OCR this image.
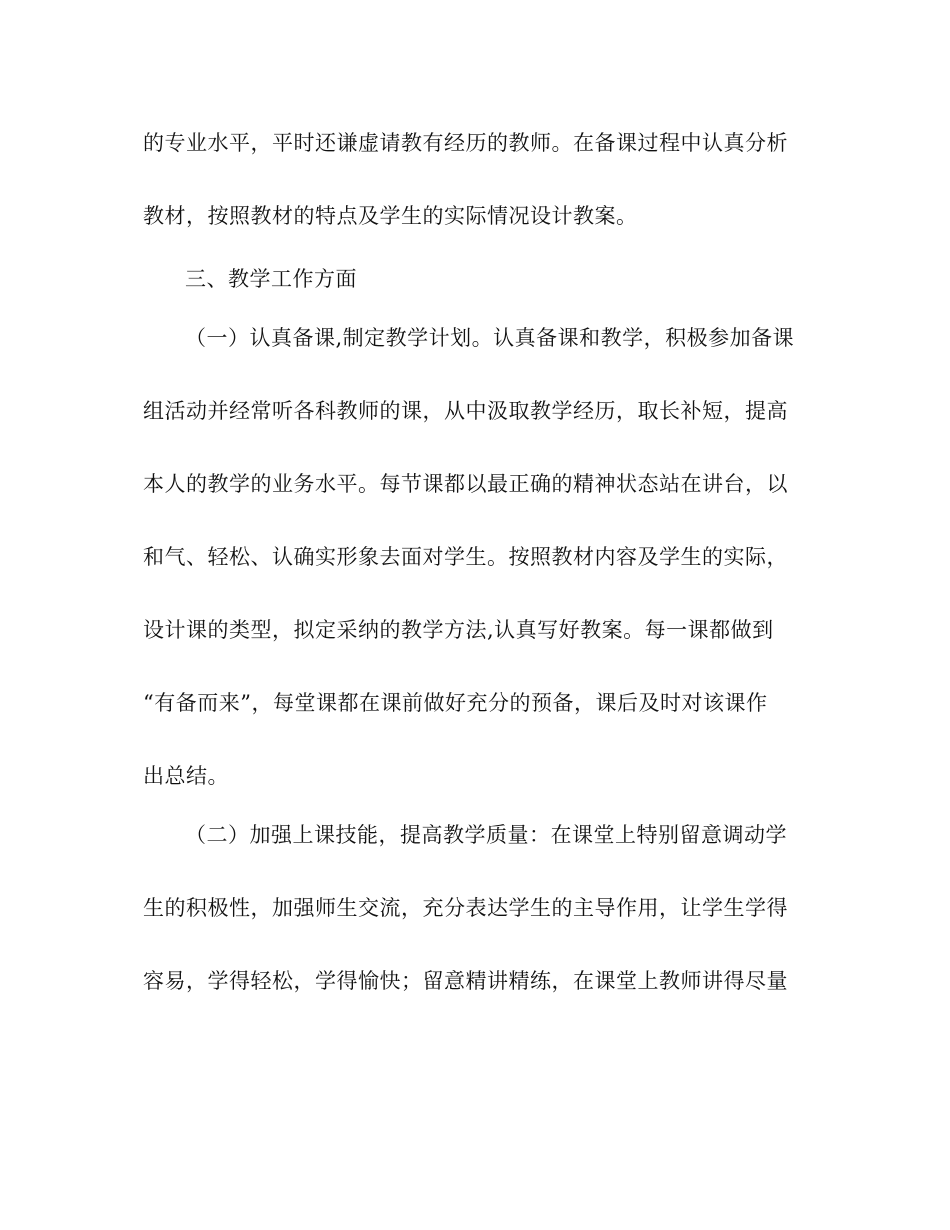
的专业水平，平时还谦虚请教有经历的教师。在备课过程中认真分析
教材，按照教材的特点及学生的实际情况设计教案。
三、教学工作方面
（一）认真备课,制定教学计划。认真备课和教学，积极参加备课
组活动并经常听各科教师的课，从中汲取教学经历，取长补短，提高
本人的教学的业务水平。每节课都以最正确的精神状态站在讲台，以
和气、轻松、认确实形象去面对学生。按照教材内容及学生的实际，
设计课的类型，拟定采纳的教学方法,认真写好教案。每一课都做到
“有备而来”，每堂课都在课前做好充分的预备，课后及时对该课作
出总结。
（二）加强上课技能，提高教学质量：在课堂上特别留意调动学
生的积极性，加强师生交流，充分表达学生的主导作用，让学生学得
容易，学得轻松，学得愉快；留意精讲精练，在课堂上教师讲得尽量
